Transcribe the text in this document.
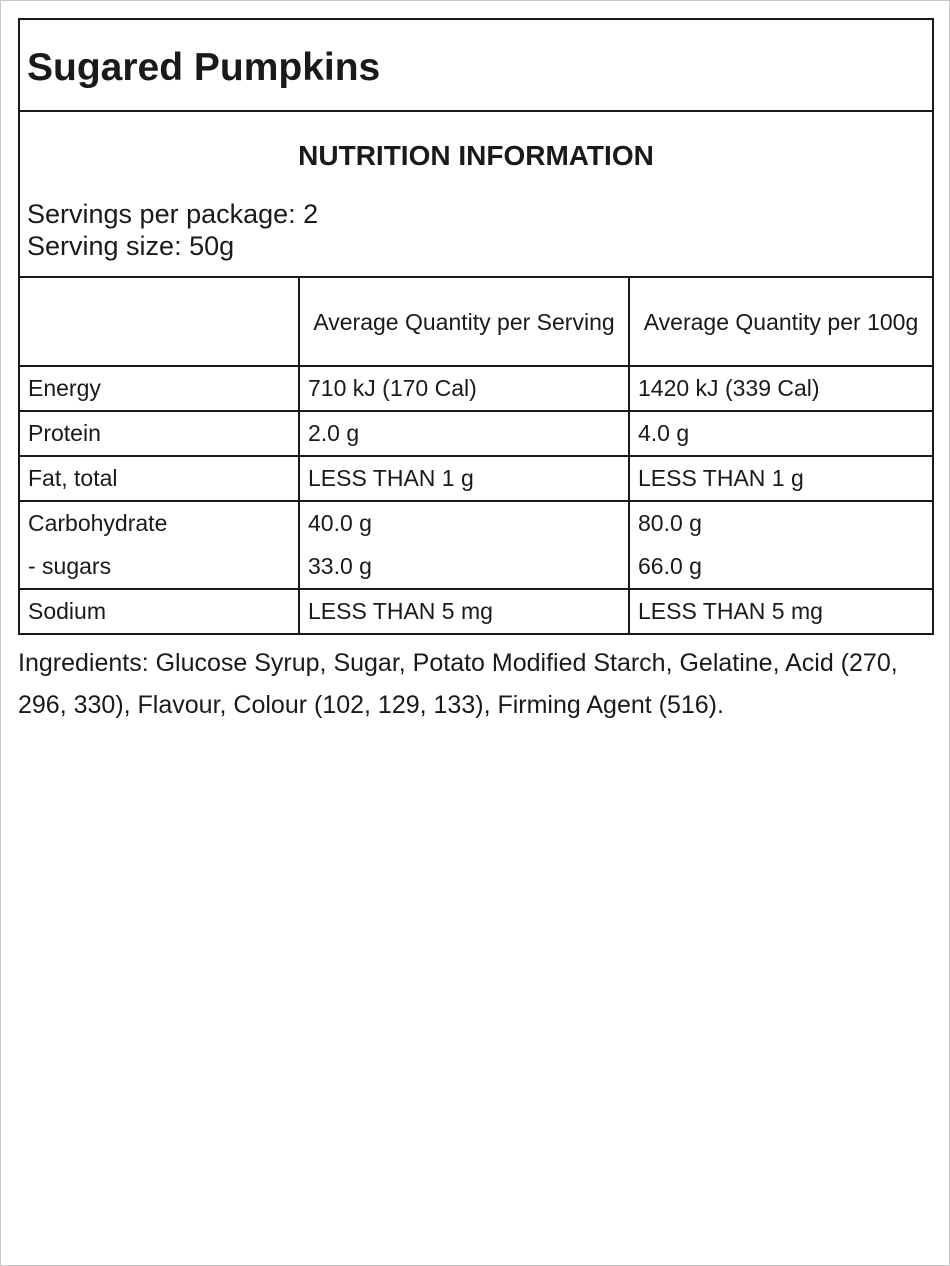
Sugared Pumpkins
NUTRITION INFORMATION
Servings per package: 2
Serving size: 50g
	Average Quantity per Serving	Average Quantity per 100g
Energy	710 kJ (170 Cal)	1420 kJ (339 Cal)
Protein	2.0 g	4.0 g
Fat, total	LESS THAN 1 g	LESS THAN 1 g
Carbohydrate	40.0 g	80.0 g
- sugars	33.0 g	66.0 g
Sodium	LESS THAN 5 mg	LESS THAN 5 mg
Ingredients: Glucose Syrup, Sugar, Potato Modified Starch, Gelatine, Acid (270, 296, 330), Flavour, Colour (102, 129, 133), Firming Agent (516).
